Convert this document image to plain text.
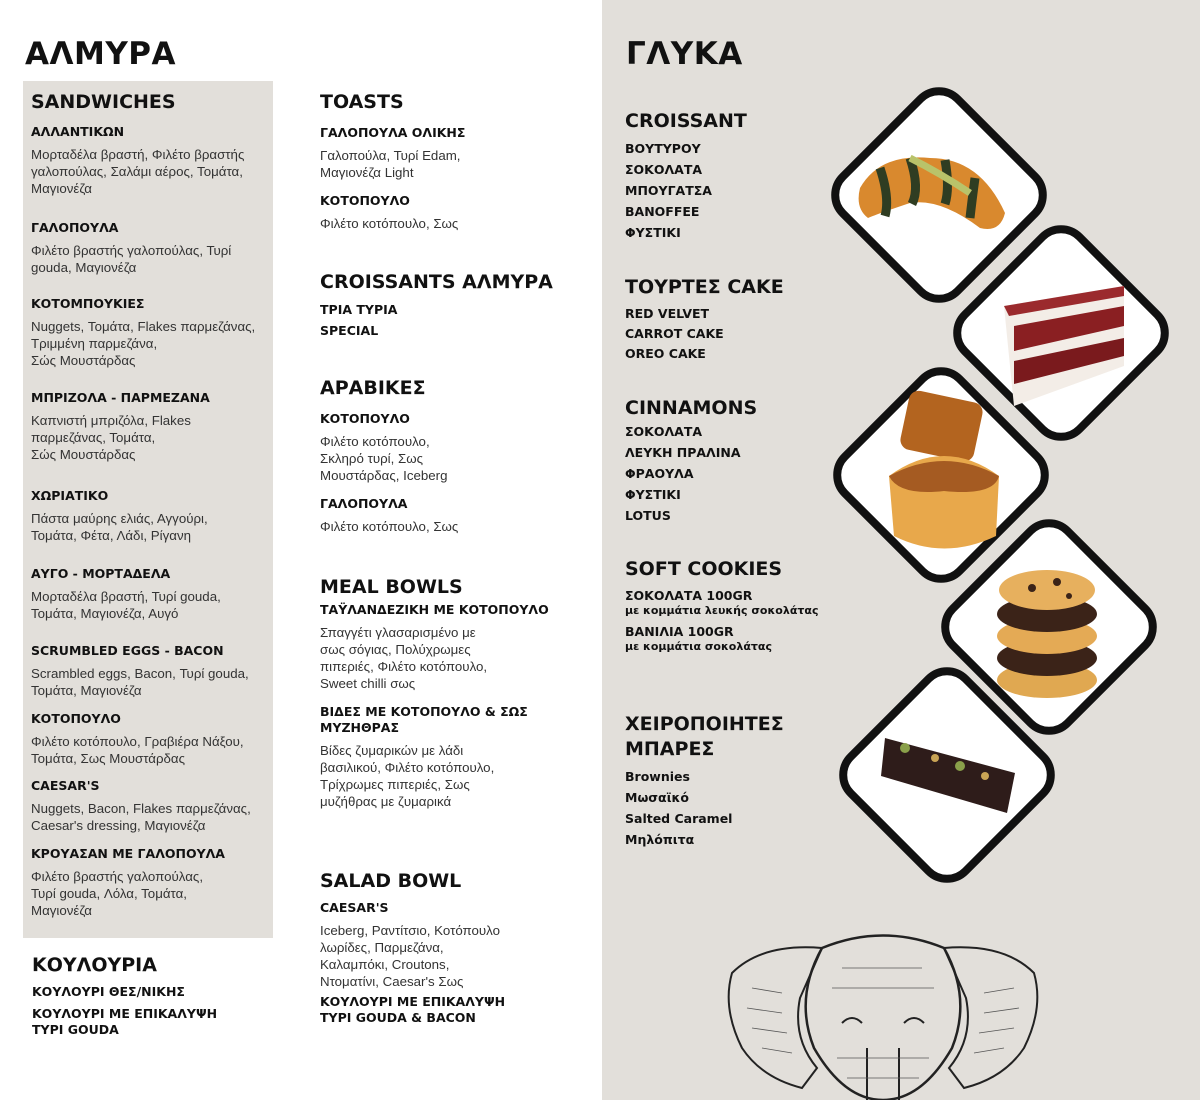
ΑΛΜΥΡΑ
SANDWICHES
ΑΛΛΑΝΤΙΚΩΝ
Μορταδέλα βραστή, Φιλέτο βραστής
γαλοπούλας, Σαλάμι αέρος, Τομάτα,
Μαγιονέζα
ΓΑΛΟΠΟΥΛΑ
Φιλέτο βραστής γαλοπούλας, Τυρί
gouda, Μαγιονέζα
ΚΟΤΟΜΠΟΥΚΙΕΣ
Nuggets, Τομάτα, Flakes παρμεζάνας,
Τριμμένη παρμεζάνα,
Σώς Μουστάρδας
ΜΠΡΙΖΟΛΑ - ΠΑΡΜΕΖΑΝΑ
Καπνιστή μπριζόλα, Flakes
παρμεζάνας, Τομάτα,
Σώς Μουστάρδας
ΧΩΡΙΑΤΙΚΟ
Πάστα μαύρης ελιάς, Αγγούρι,
Τομάτα, Φέτα, Λάδι, Ρίγανη
ΑΥΓΟ - ΜΟΡΤΑΔΕΛΑ
Μορταδέλα βραστή, Τυρί gouda,
Τομάτα, Μαγιονέζα, Αυγό
SCRUMBLED EGGS - BACON
Scrambled eggs, Bacon, Τυρί gouda,
Τομάτα, Μαγιονέζα
ΚΟΤΟΠΟΥΛΟ
Φιλέτο κοτόπουλο, Γραβιέρα Νάξου,
Τομάτα, Σως Μουστάρδας
CAESAR'S
Nuggets, Bacon, Flakes παρμεζάνας,
Caesar's dressing, Μαγιονέζα
ΚΡΟΥΑΣΑΝ ΜΕ ΓΑΛΟΠΟΥΛΑ
Φιλέτο βραστής γαλοπούλας,
Τυρί gouda, Λόλα, Τομάτα,
Μαγιονέζα
ΚΟΥΛΟΥΡΙΑ
ΚΟΥΛΟΥΡΙ ΘΕΣ/ΝΙΚΗΣ
ΚΟΥΛΟΥΡΙ ΜΕ ΕΠΙΚΑΛΥΨΗ
ΤΥΡΙ GOUDA
TOASTS
ΓΑΛΟΠΟΥΛΑ ΟΛΙΚΗΣ
Γαλοπούλα, Τυρί Edam,
Μαγιονέζα Light
ΚΟΤΟΠΟΥΛΟ
Φιλέτο κοτόπουλο, Σως
CROISSANTS ΑΛΜΥΡΑ
ΤΡΙΑ ΤΥΡΙΑ
SPECIAL
ΑΡΑΒΙΚΕΣ
ΚΟΤΟΠΟΥΛΟ
Φιλέτο κοτόπουλο,
Σκληρό τυρί, Σως
Μουστάρδας, Iceberg
ΓΑΛΟΠΟΥΛΑ
Φιλέτο κοτόπουλο, Σως
MEAL BOWLS
ΤΑΫΛΑΝΔΕΖΙΚΗ ΜΕ ΚΟΤΟΠΟΥΛΟ
Σπαγγέτι γλασαρισμένο με
σως σόγιας, Πολύχρωμες
πιπεριές, Φιλέτο κοτόπουλο,
Sweet chilli σως
ΒΙΔΕΣ ΜΕ ΚΟΤΟΠΟΥΛΟ & ΣΩΣ
ΜΥΖΗΘΡΑΣ
Βίδες ζυμαρικών με λάδι
βασιλικού, Φιλέτο κοτόπουλο,
Τρίχρωμες πιπεριές, Σως
μυζήθρας με ζυμαρικά
SALAD BOWL
CAESAR'S
Iceberg, Ραντίτσιο, Κοτόπουλο
λωρίδες, Παρμεζάνα,
Καλαμπόκι, Croutons,
Ντοματίνι, Caesar's Σως
ΚΟΥΛΟΥΡΙ ΜΕ ΕΠΙΚΑΛΥΨΗ
ΤΥΡΙ GOUDA & BACON
ΓΛΥΚΑ
CROISSANT
ΒΟΥΤΥΡΟΥ
ΣΟΚΟΛΑΤΑ
ΜΠΟΥΓΑΤΣΑ
BANOFFEE
ΦΥΣΤΙΚΙ
ΤΟΥΡΤΕΣ CAKE
RED VELVET
CARROT CAKE
OREO CAKE
CINNAMONS
ΣΟΚΟΛΑΤΑ
ΛΕΥΚΗ ΠΡΑΛΙΝΑ
ΦΡΑΟΥΛΑ
ΦΥΣΤΙΚΙ
LOTUS
SOFT COOKIES
ΣΟΚΟΛΑΤΑ 100GR
με κομμάτια λευκής σοκολάτας
ΒΑΝΙΛΙΑ 100GR
με κομμάτια σοκολάτας
ΧΕΙΡΟΠΟΙΗΤΕΣ
ΜΠΑΡΕΣ
Brownies
Μωσαϊκό
Salted Caramel
Μηλόπιτα
